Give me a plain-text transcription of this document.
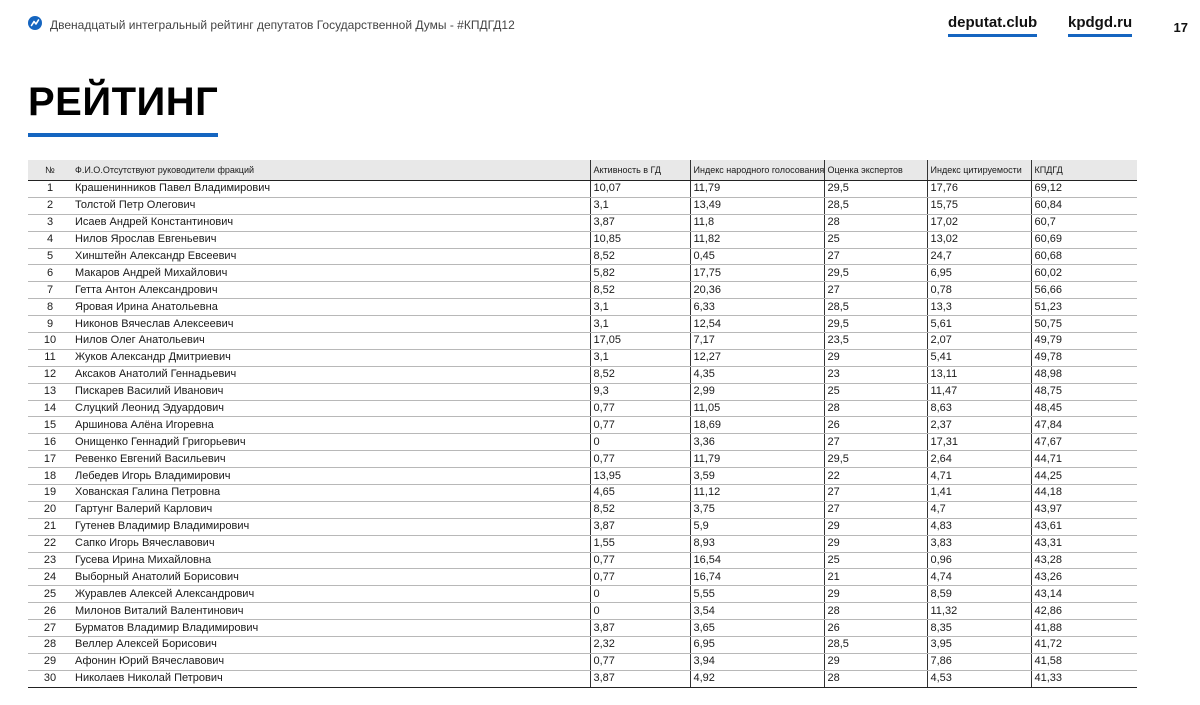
Двенадцатый интегральный рейтинг депутатов Государственной Думы - #КПДГД12	deputat.club kpdgd.ru	17
РЕЙТИНГ
№	Ф.И.О.Отсутствуют руководители фракций	Активность в ГД	Индекс народного голосования	Оценка экспертов	Индекс цитируемости	КПДГД
1	Крашенинников Павел Владимирович	10,07	11,79	29,5	17,76	69,12
2	Толстой Петр Олегович	3,1	13,49	28,5	15,75	60,84
3	Исаев Андрей Константинович	3,87	11,8	28	17,02	60,7
4	Нилов Ярослав Евгеньевич	10,85	11,82	25	13,02	60,69
5	Хинштейн Александр Евсеевич	8,52	0,45	27	24,7	60,68
6	Макаров Андрей Михайлович	5,82	17,75	29,5	6,95	60,02
7	Гетта Антон Александрович	8,52	20,36	27	0,78	56,66
8	Яровая Ирина Анатольевна	3,1	6,33	28,5	13,3	51,23
9	Никонов Вячеслав Алексеевич	3,1	12,54	29,5	5,61	50,75
10	Нилов Олег Анатольевич	17,05	7,17	23,5	2,07	49,79
11	Жуков Александр Дмитриевич	3,1	12,27	29	5,41	49,78
12	Аксаков Анатолий Геннадьевич	8,52	4,35	23	13,11	48,98
13	Пискарев Василий Иванович	9,3	2,99	25	11,47	48,75
14	Слуцкий Леонид Эдуардович	0,77	11,05	28	8,63	48,45
15	Аршинова Алёна Игоревна	0,77	18,69	26	2,37	47,84
16	Онищенко Геннадий Григорьевич	0	3,36	27	17,31	47,67
17	Ревенко Евгений Васильевич	0,77	11,79	29,5	2,64	44,71
18	Лебедев Игорь Владимирович	13,95	3,59	22	4,71	44,25
19	Хованская Галина Петровна	4,65	11,12	27	1,41	44,18
20	Гартунг Валерий Карлович	8,52	3,75	27	4,7	43,97
21	Гутенев Владимир Владимирович	3,87	5,9	29	4,83	43,61
22	Сапко Игорь Вячеславович	1,55	8,93	29	3,83	43,31
23	Гусева Ирина Михайловна	0,77	16,54	25	0,96	43,28
24	Выборный Анатолий Борисович	0,77	16,74	21	4,74	43,26
25	Журавлев Алексей Александрович	0	5,55	29	8,59	43,14
26	Милонов Виталий Валентинович	0	3,54	28	11,32	42,86
27	Бурматов Владимир Владимирович	3,87	3,65	26	8,35	41,88
28	Веллер Алексей Борисович	2,32	6,95	28,5	3,95	41,72
29	Афонин Юрий Вячеславович	0,77	3,94	29	7,86	41,58
30	Николаев Николай Петрович	3,87	4,92	28	4,53	41,33
